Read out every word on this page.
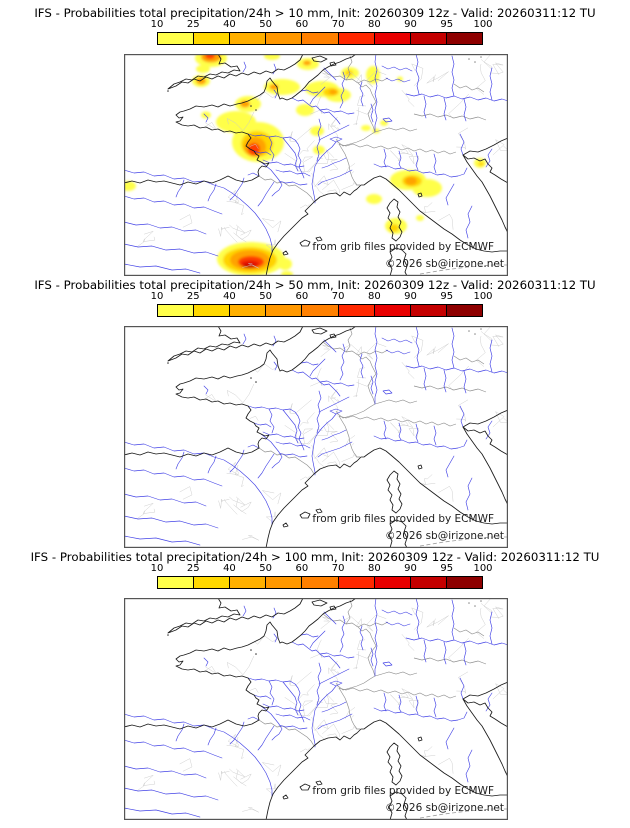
IFS - Probabilities total precipitation/24h > 10 mm, Init: 20260309 12z - Valid: 20260311:12 TU
10 25 40 50 60 70 80 90 95 100
from grib files provided by ECMWF
©2026 sb@irizone.net
IFS - Probabilities total precipitation/24h > 50 mm, Init: 20260309 12z - Valid: 20260311:12 TU
10 25 40 50 60 70 80 90 95 100
from grib files provided by ECMWF
©2026 sb@irizone.net
IFS - Probabilities total precipitation/24h > 100 mm, Init: 20260309 12z - Valid: 20260311:12 TU
10 25 40 50 60 70 80 90 95 100
from grib files provided by ECMWF
©2026 sb@irizone.net
